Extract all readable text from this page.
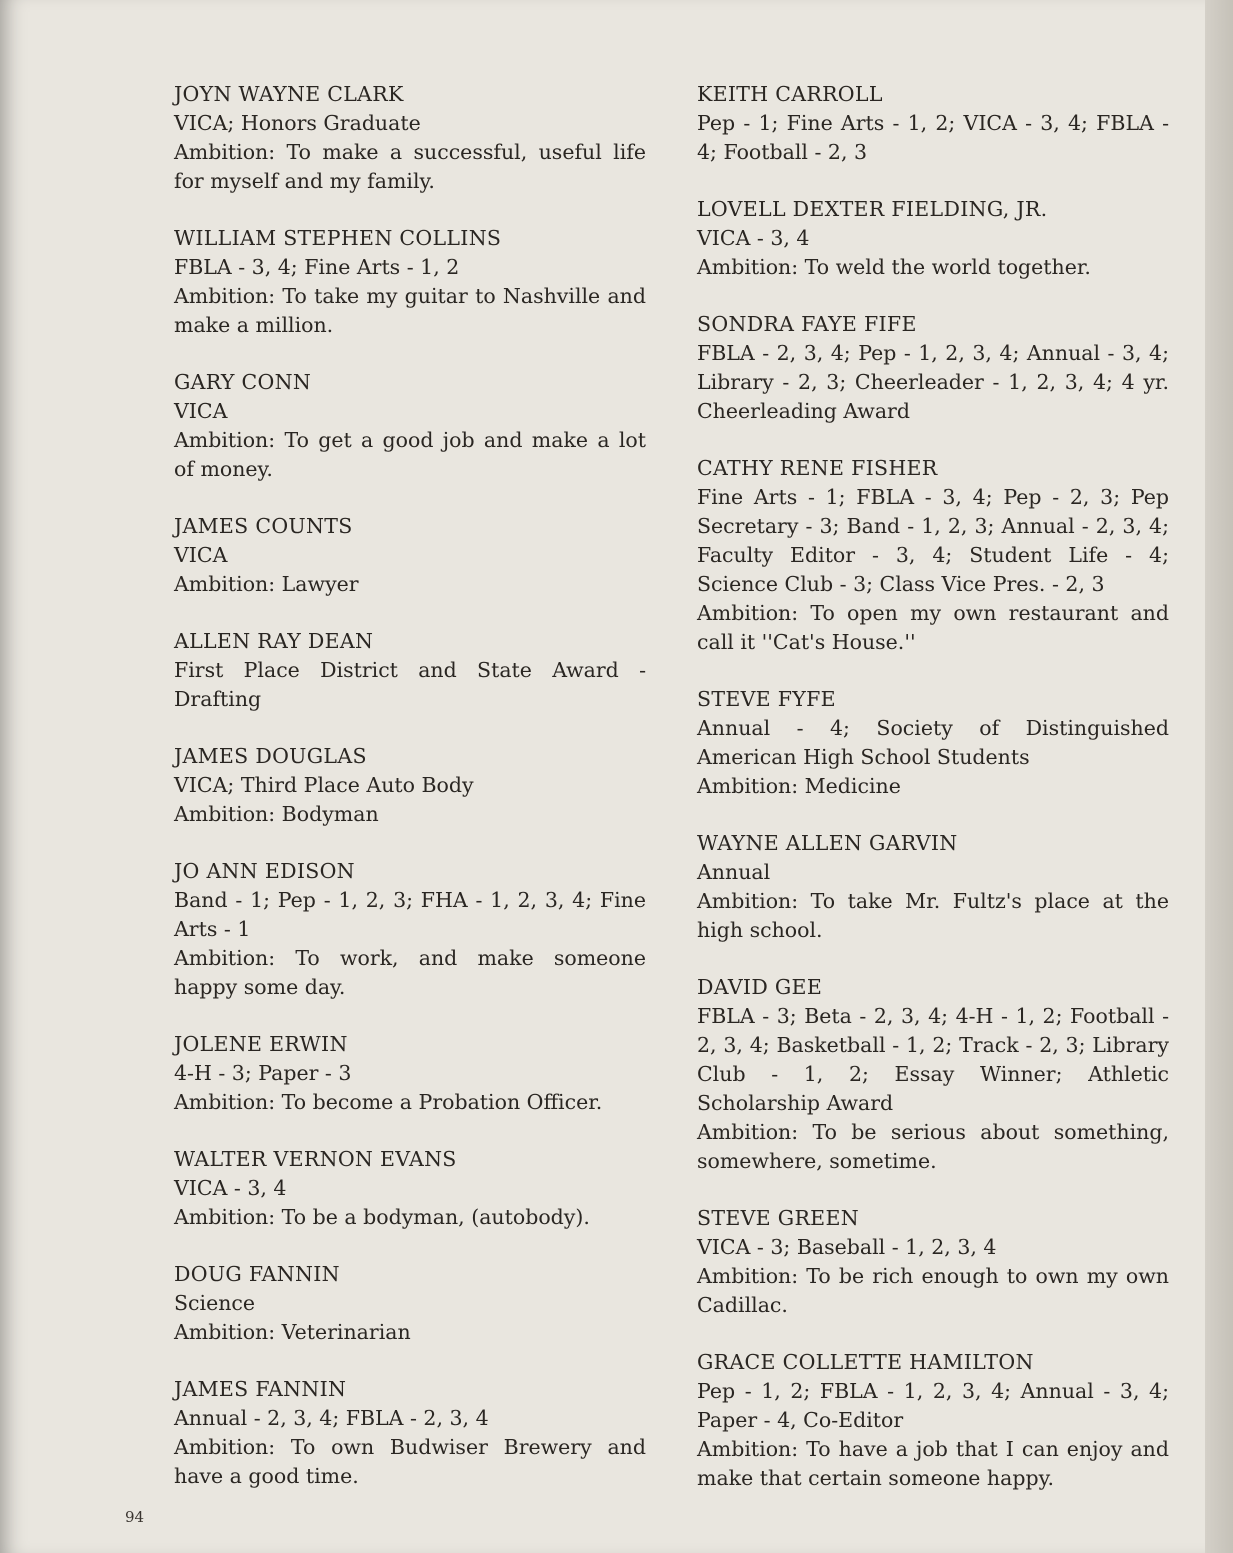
JOYN WAYNE CLARK
VICA; Honors Graduate
Ambition: To make a successful, useful life for myself and my family.
WILLIAM STEPHEN COLLINS
FBLA - 3, 4; Fine Arts - 1, 2
Ambition: To take my guitar to Nashville and make a million.
GARY CONN
VICA
Ambition: To get a good job and make a lot of money.
JAMES COUNTS
VICA
Ambition: Lawyer
ALLEN RAY DEAN
First Place District and State Award - Drafting
JAMES DOUGLAS
VICA; Third Place Auto Body
Ambition: Bodyman
JO ANN EDISON
Band - 1; Pep - 1, 2, 3; FHA - 1, 2, 3, 4; Fine Arts - 1
Ambition: To work, and make someone happy some day.
JOLENE ERWIN
4-H - 3; Paper - 3
Ambition: To become a Probation Officer.
WALTER VERNON EVANS
VICA - 3, 4
Ambition: To be a bodyman, (autobody).
DOUG FANNIN
Science
Ambition: Veterinarian
JAMES FANNIN
Annual - 2, 3, 4; FBLA - 2, 3, 4
Ambition: To own Budwiser Brewery and have a good time.
KEITH CARROLL
Pep - 1; Fine Arts - 1, 2; VICA - 3, 4; FBLA - 4; Football - 2, 3
LOVELL DEXTER FIELDING, JR.
VICA - 3, 4
Ambition: To weld the world together.
SONDRA FAYE FIFE
FBLA - 2, 3, 4; Pep - 1, 2, 3, 4; Annual - 3, 4; Library - 2, 3; Cheerleader - 1, 2, 3, 4; 4 yr. Cheerleading Award
CATHY RENE FISHER
Fine Arts - 1; FBLA - 3, 4; Pep - 2, 3; Pep Secretary - 3; Band - 1, 2, 3; Annual - 2, 3, 4; Faculty Editor - 3, 4; Student Life - 4; Science Club - 3; Class Vice Pres. - 2, 3
Ambition: To open my own restaurant and call it ''Cat's House.''
STEVE FYFE
Annual - 4; Society of Distinguished American High School Students
Ambition: Medicine
WAYNE ALLEN GARVIN
Annual
Ambition: To take Mr. Fultz's place at the high school.
DAVID GEE
FBLA - 3; Beta - 2, 3, 4; 4-H - 1, 2; Football - 2, 3, 4; Basketball - 1, 2; Track - 2, 3; Library Club - 1, 2; Essay Winner; Athletic Scholarship Award
Ambition: To be serious about something, somewhere, sometime.
STEVE GREEN
VICA - 3; Baseball - 1, 2, 3, 4
Ambition: To be rich enough to own my own Cadillac.
GRACE COLLETTE HAMILTON
Pep - 1, 2; FBLA - 1, 2, 3, 4; Annual - 3, 4; Paper - 4, Co-Editor
Ambition: To have a job that I can enjoy and make that certain someone happy.
94
